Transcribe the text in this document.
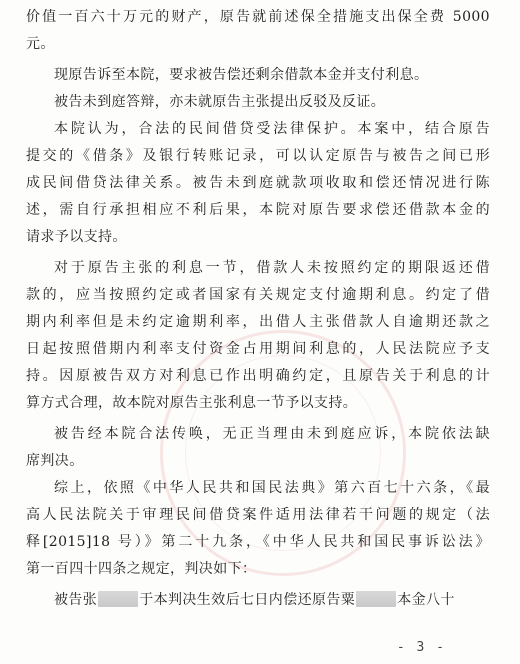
价值一百六十万元的财产，原告就前述保全措施支出保全费 5000
元。
现原告诉至本院，要求被告偿还剩余借款本金并支付利息。
被告未到庭答辩，亦未就原告主张提出反驳及反证。
本院认为，合法的民间借贷受法律保护。本案中，结合原告
提交的《借条》及银行转账记录，可以认定原告与被告之间已形
成民间借贷法律关系。被告未到庭就款项收取和偿还情况进行陈
述，需自行承担相应不利后果，本院对原告要求偿还借款本金的
请求予以支持。
对于原告主张的利息一节，借款人未按照约定的期限返还借
款的，应当按照约定或者国家有关规定支付逾期利息。约定了借
期内利率但是未约定逾期利率，出借人主张借款人自逾期还款之
日起按照借期内利率支付资金占用期间利息的，人民法院应予支
持。因原被告双方对利息已作出明确约定，且原告关于利息的计
算方式合理，故本院对原告主张利息一节予以支持。
被告经本院合法传唤，无正当理由未到庭应诉，本院依法缺
席判决。
综上，依照《中华人民共和国民法典》第六百七十六条，《最
高人民法院关于审理民间借贷案件适用法律若干问题的规定（法
释[2015]18 号）》第二十九条，《中华人民共和国民事诉讼法》
第一百四十四条之规定，判决如下：
被告张	于本判决生效后七日内偿还原告粟	本金八十
- 3 -
